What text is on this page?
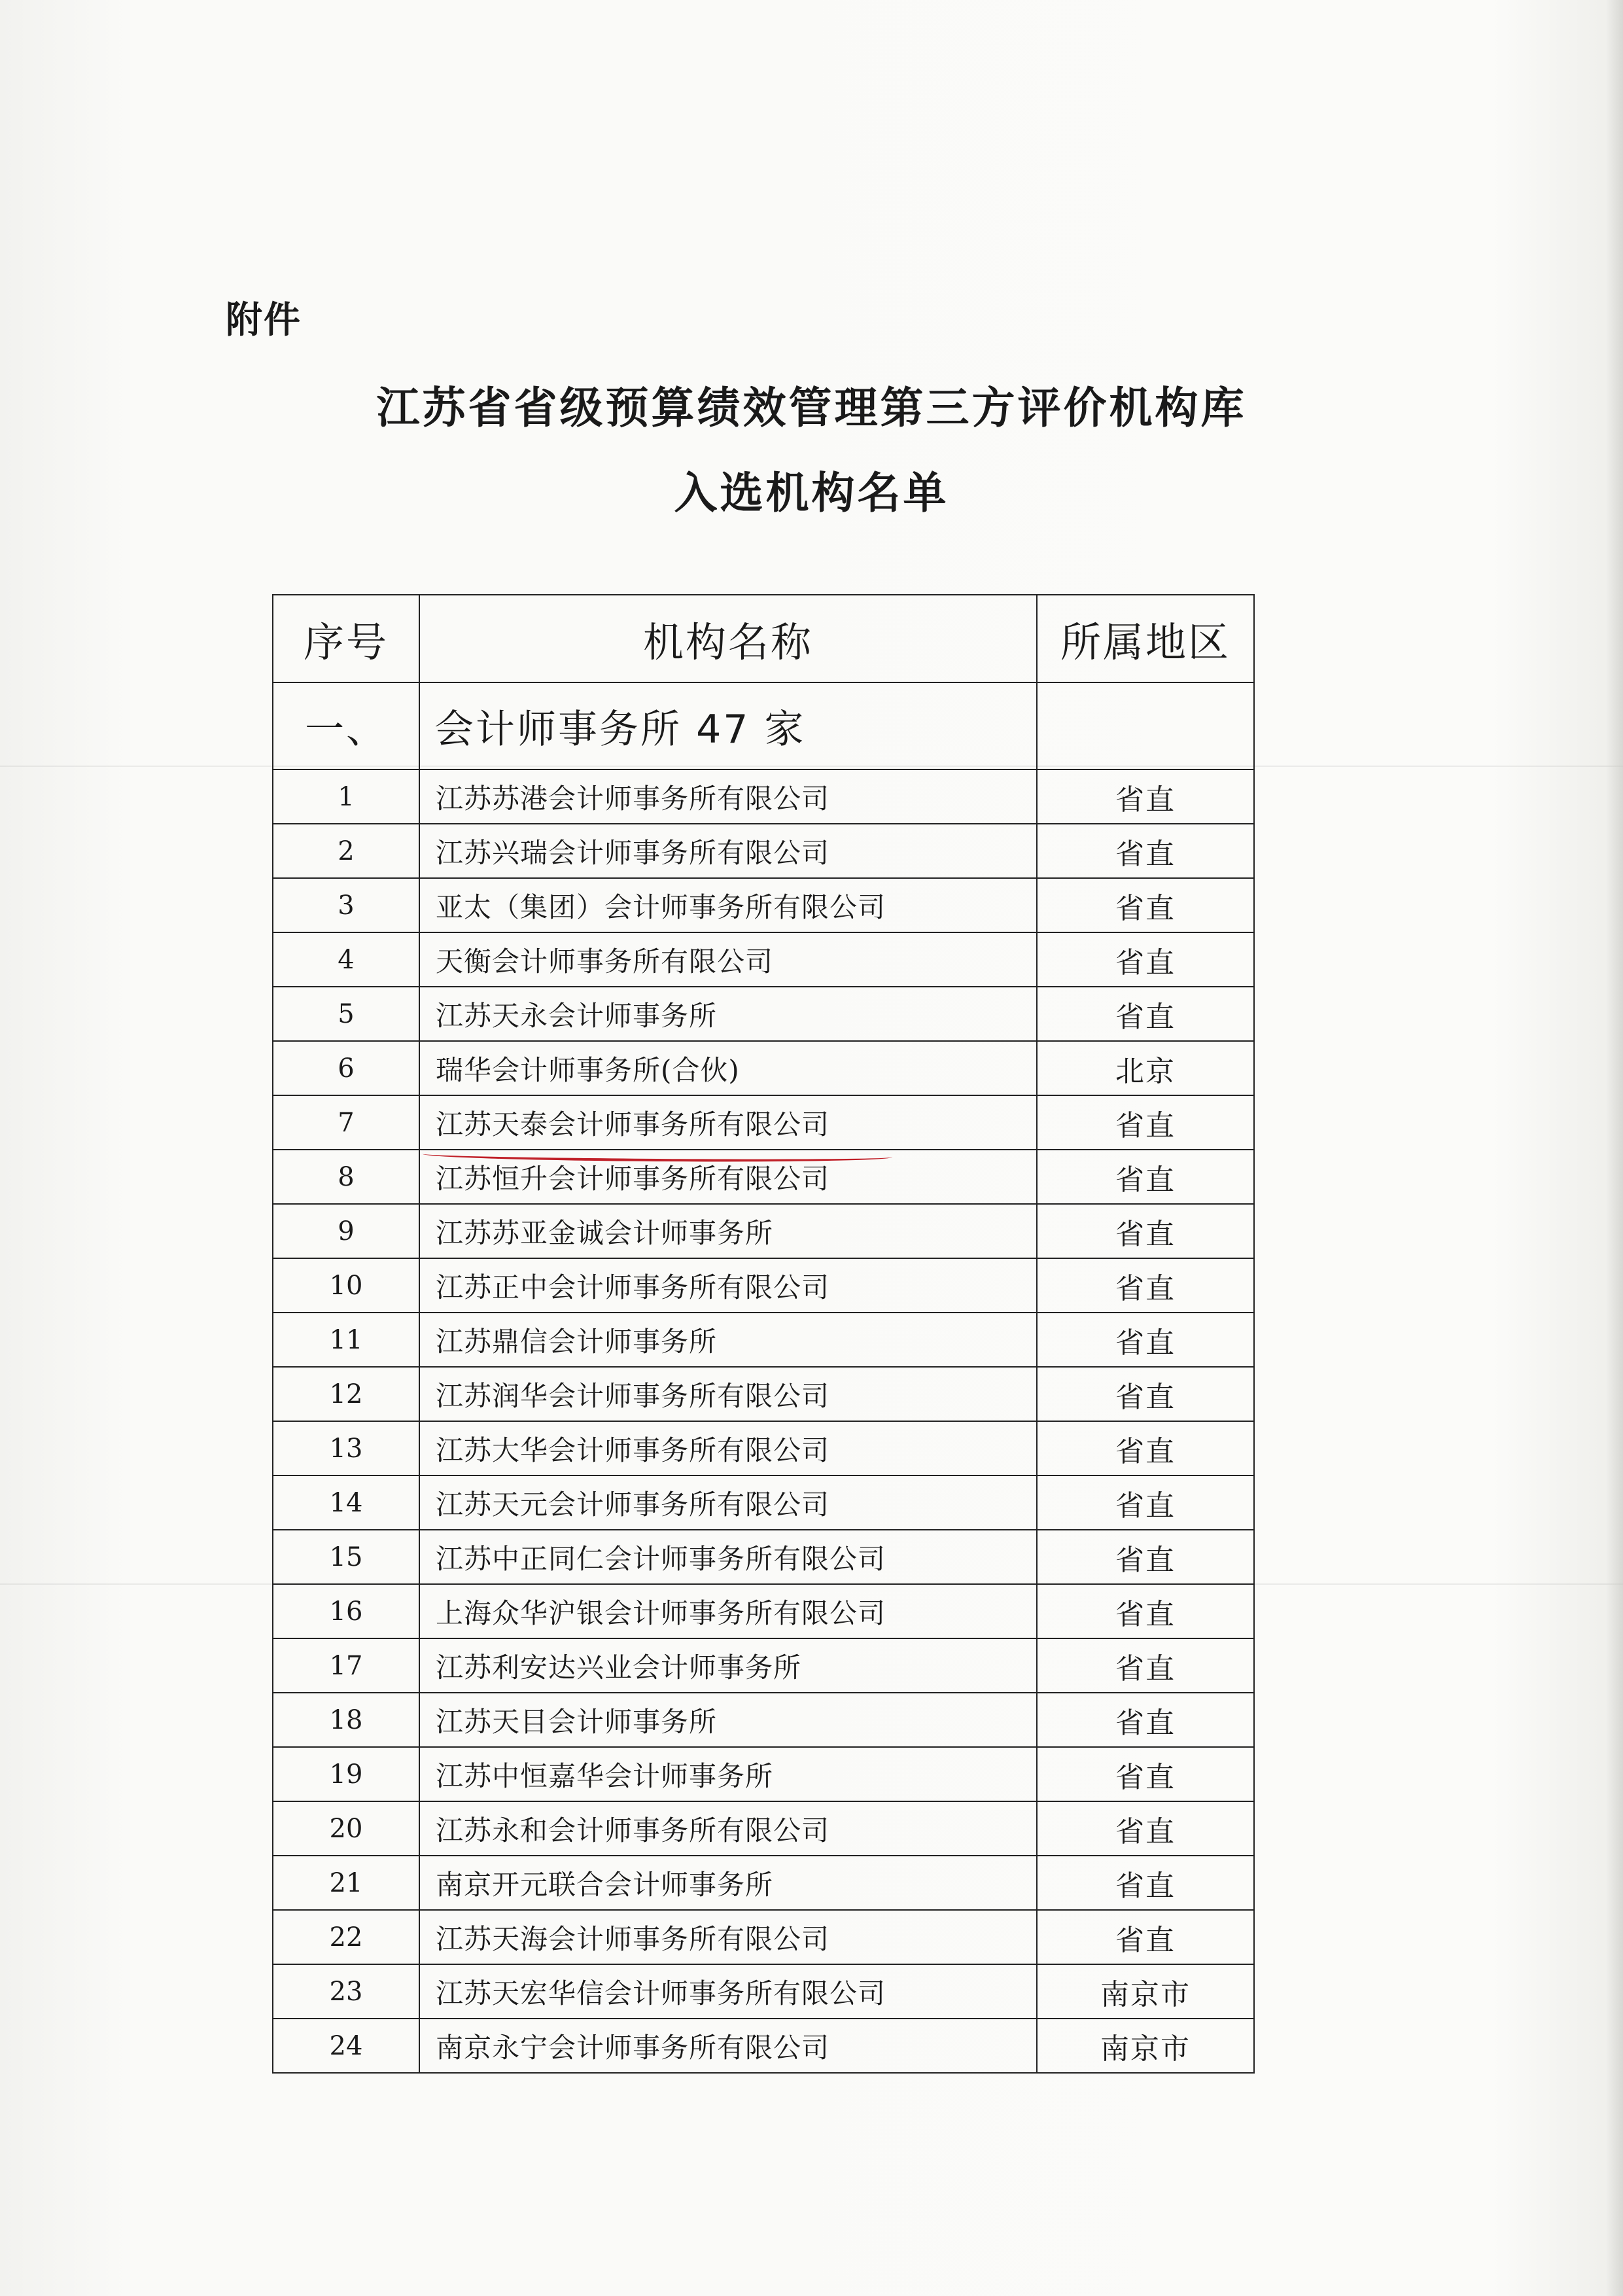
附件
江苏省省级预算绩效管理第三方评价机构库
入选机构名单
序号	机构名称	所属地区
一、	会计师事务所 47 家	
1	江苏苏港会计师事务所有限公司	省直
2	江苏兴瑞会计师事务所有限公司	省直
3	亚太（集团）会计师事务所有限公司	省直
4	天衡会计师事务所有限公司	省直
5	江苏天永会计师事务所	省直
6	瑞华会计师事务所(合伙)	北京
7	江苏天泰会计师事务所有限公司	省直
8	江苏恒升会计师事务所有限公司	省直
9	江苏苏亚金诚会计师事务所	省直
10	江苏正中会计师事务所有限公司	省直
11	江苏鼎信会计师事务所	省直
12	江苏润华会计师事务所有限公司	省直
13	江苏大华会计师事务所有限公司	省直
14	江苏天元会计师事务所有限公司	省直
15	江苏中正同仁会计师事务所有限公司	省直
16	上海众华沪银会计师事务所有限公司	省直
17	江苏利安达兴业会计师事务所	省直
18	江苏天目会计师事务所	省直
19	江苏中恒嘉华会计师事务所	省直
20	江苏永和会计师事务所有限公司	省直
21	南京开元联合会计师事务所	省直
22	江苏天海会计师事务所有限公司	省直
23	江苏天宏华信会计师事务所有限公司	南京市
24	南京永宁会计师事务所有限公司	南京市
